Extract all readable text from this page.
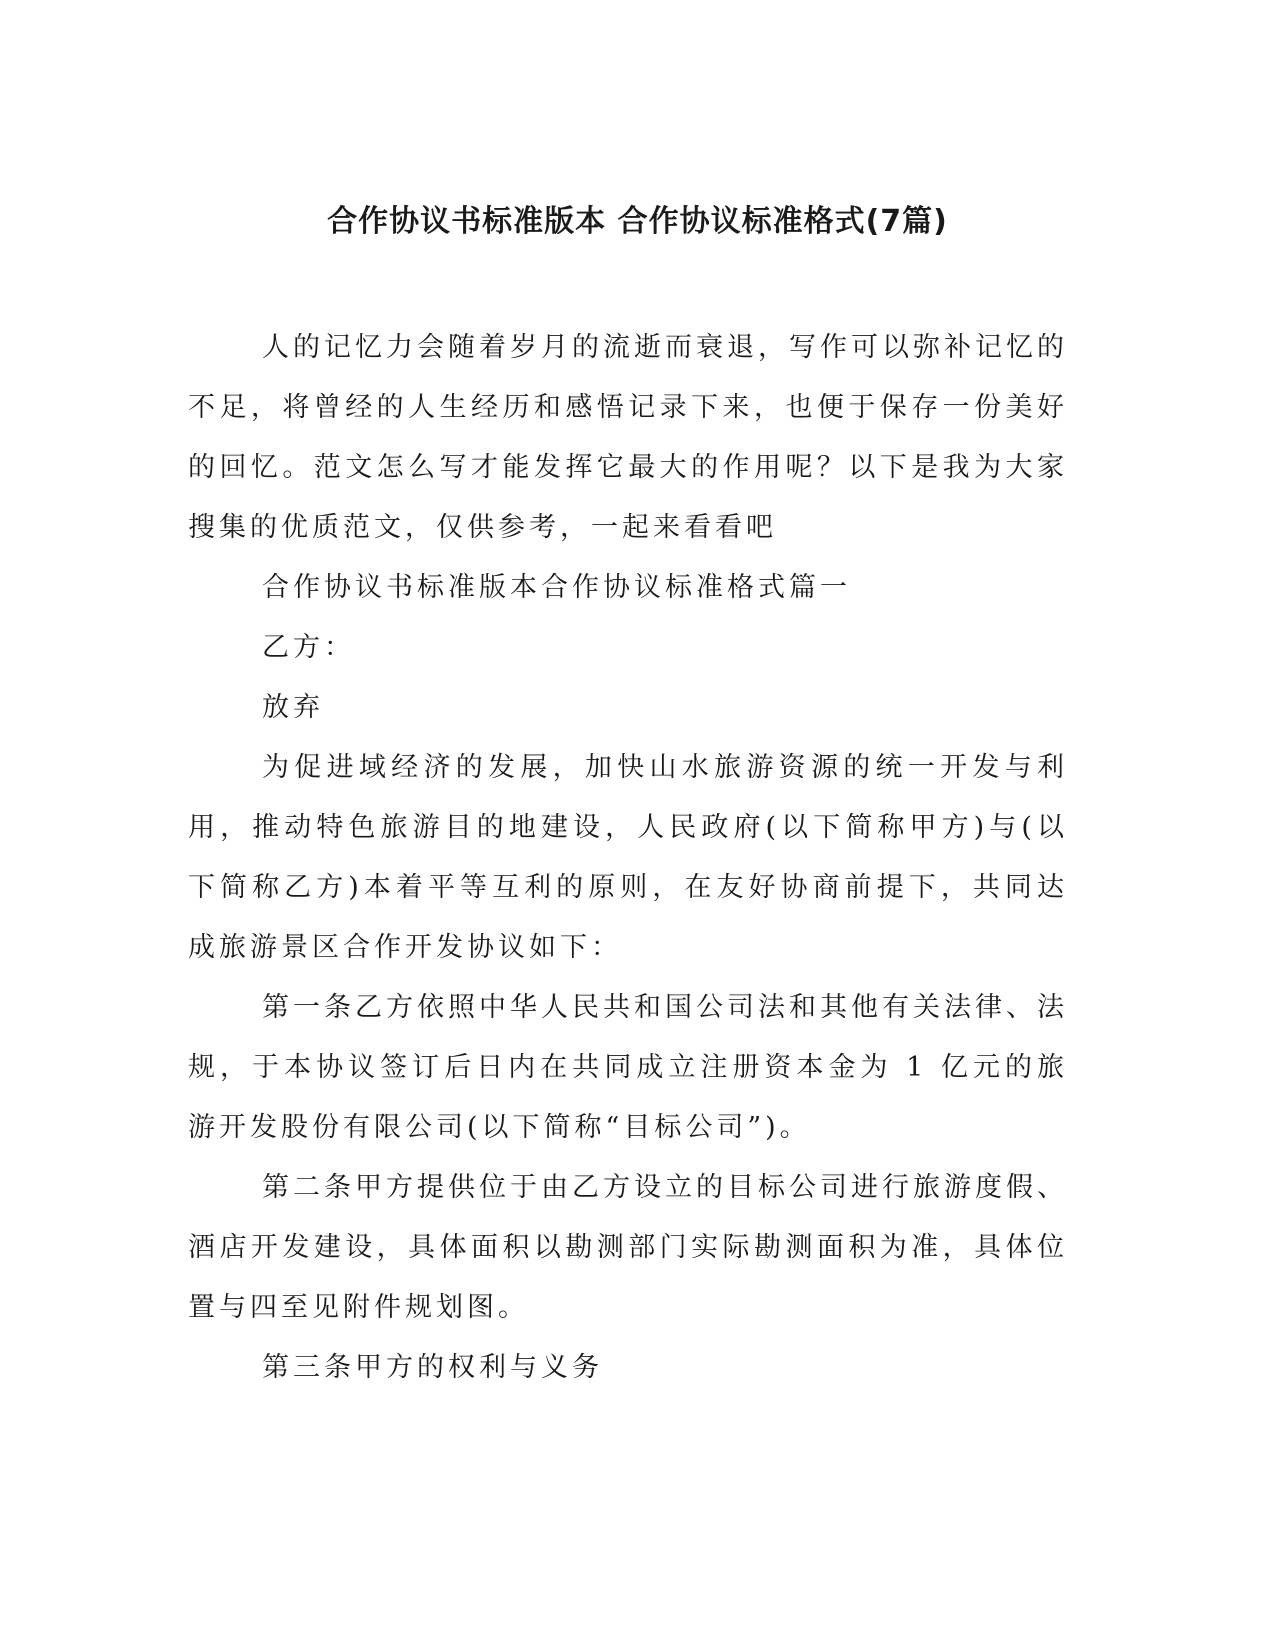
合作协议书标准版本 合作协议标准格式(7篇)

人的记忆力会随着岁月的流逝而衰退，写作可以弥补记忆的不足，将曾经的人生经历和感悟记录下来，也便于保存一份美好的回忆。范文怎么写才能发挥它最大的作用呢？以下是我为大家搜集的优质范文，仅供参考，一起来看看吧

合作协议书标准版本合作协议标准格式篇一

乙方：

放弃

为促进域经济的发展，加快山水旅游资源的统一开发与利用，推动特色旅游目的地建设，人民政府(以下简称甲方)与(以下简称乙方)本着平等互利的原则，在友好协商前提下，共同达成旅游景区合作开发协议如下：

第一条乙方依照中华人民共和国公司法和其他有关法律、法规，于本协议签订后日内在共同成立注册资本金为 1 亿元的旅游开发股份有限公司(以下简称“目标公司”)。

第二条甲方提供位于由乙方设立的目标公司进行旅游度假、酒店开发建设，具体面积以勘测部门实际勘测面积为准，具体位置与四至见附件规划图。

第三条甲方的权利与义务
